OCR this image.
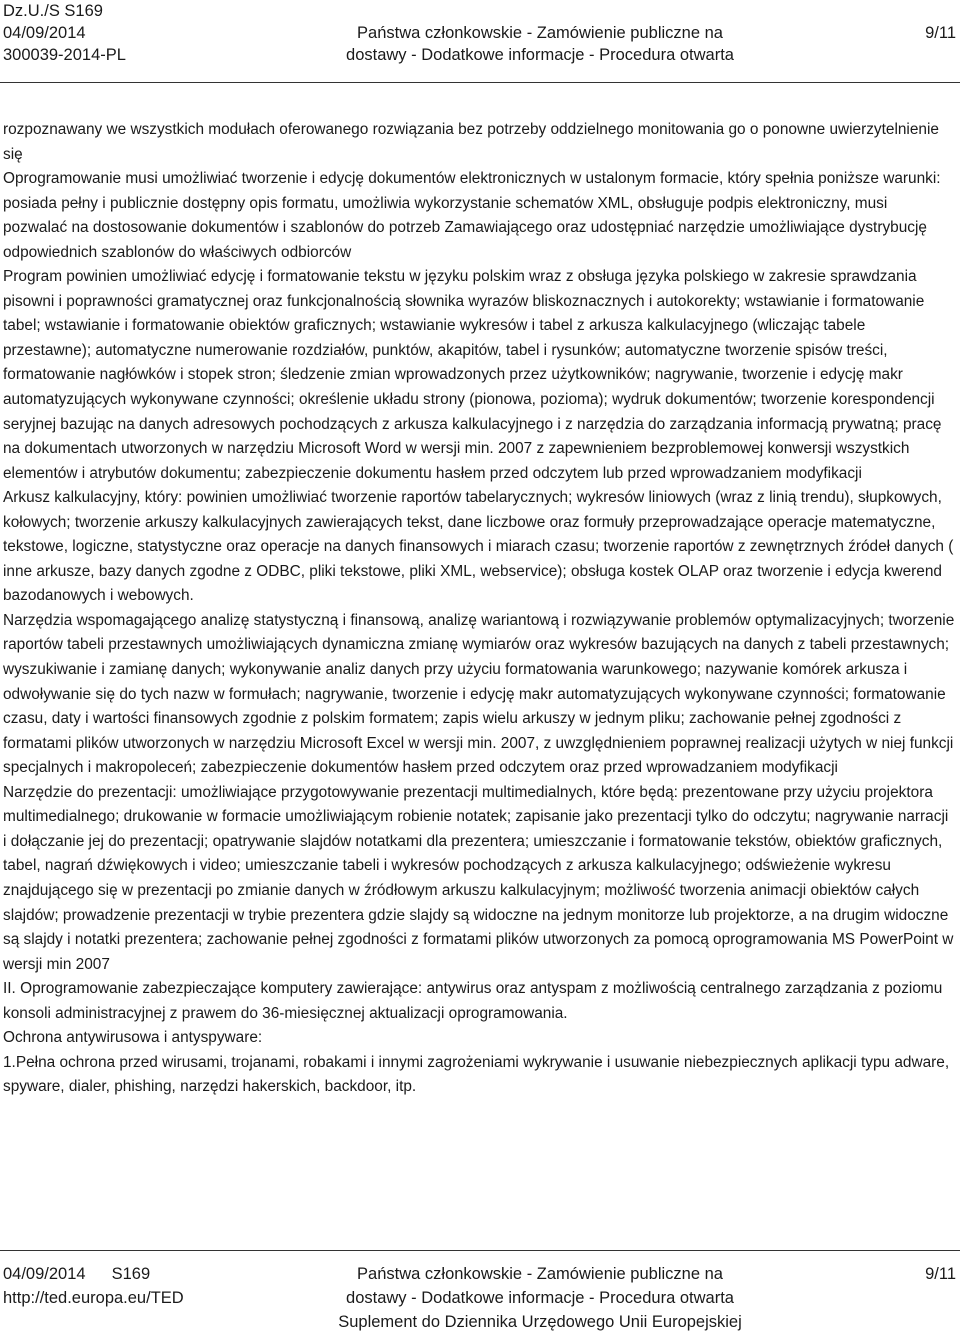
Dz.U./S S169
04/09/2014
300039-2014-PL
Państwa członkowskie - Zamówienie publiczne na
dostawy - Dodatkowe informacje - Procedura otwarta
9/11

rozpoznawany we wszystkich modułach oferowanego rozwiązania bez potrzeby oddzielnego monitowania go o ponowne uwierzytelnienie się

Oprogramowanie musi umożliwiać tworzenie i edycję dokumentów elektronicznych w ustalonym formacie, który spełnia poniższe warunki: posiada pełny i publicznie dostępny opis formatu, umożliwia wykorzystanie schematów XML, obsługuje podpis elektroniczny, musi pozwalać na dostosowanie dokumentów i szablonów do potrzeb Zamawiającego oraz udostępniać narzędzie umożliwiające dystrybucję odpowiednich szablonów do właściwych odbiorców

Program powinien umożliwiać edycję i formatowanie tekstu w języku polskim wraz z obsługa języka polskiego w zakresie sprawdzania pisowni i poprawności gramatycznej oraz funkcjonalnością słownika wyrazów bliskoznacznych i autokorekty; wstawianie i formatowanie tabel; wstawianie i formatowanie obiektów graficznych; wstawianie wykresów i tabel z arkusza kalkulacyjnego (wliczając tabele przestawne); automatyczne numerowanie rozdziałów, punktów, akapitów, tabel i rysunków; automatyczne tworzenie spisów treści, formatowanie nagłówków i stopek stron; śledzenie zmian wprowadzonych przez użytkowników; nagrywanie, tworzenie i edycję makr automatyzujących wykonywane czynności; określenie układu strony (pionowa, pozioma); wydruk dokumentów; tworzenie korespondencji seryjnej bazując na danych adresowych pochodzących z arkusza kalkulacyjnego i z narzędzia do zarządzania informacją prywatną; pracę na dokumentach utworzonych w narzędziu Microsoft Word w wersji min. 2007 z zapewnieniem bezproblemowej konwersji wszystkich elementów i atrybutów dokumentu; zabezpieczenie dokumentu hasłem przed odczytem lub przed wprowadzaniem modyfikacji

Arkusz kalkulacyjny, który: powinien umożliwiać tworzenie raportów tabelarycznych; wykresów liniowych (wraz z linią trendu), słupkowych, kołowych; tworzenie arkuszy kalkulacyjnych zawierających tekst, dane liczbowe oraz formuły przeprowadzające operacje matematyczne, tekstowe, logiczne, statystyczne oraz operacje na danych finansowych i miarach czasu; tworzenie raportów z zewnętrznych źródeł danych ( inne arkusze, bazy danych zgodne z ODBC, pliki tekstowe, pliki XML, webservice); obsługa kostek OLAP oraz tworzenie i edycja kwerend bazodanowych i webowych.

Narzędzia wspomagającego analizę statystyczną i finansową, analizę wariantową i rozwiązywanie problemów optymalizacyjnych; tworzenie raportów tabeli przestawnych umożliwiających dynamiczna zmianę wymiarów oraz wykresów bazujących na danych z tabeli przestawnych; wyszukiwanie i zamianę danych; wykonywanie analiz danych przy użyciu formatowania warunkowego; nazywanie komórek arkusza i odwoływanie się do tych nazw w formułach; nagrywanie, tworzenie i edycję makr automatyzujących wykonywane czynności; formatowanie czasu, daty i wartości finansowych zgodnie z polskim formatem; zapis wielu arkuszy w jednym pliku; zachowanie pełnej zgodności z formatami plików utworzonych w narzędziu Microsoft Excel w wersji min. 2007, z uwzględnieniem poprawnej realizacji użytych w niej funkcji specjalnych i makropoleceń; zabezpieczenie dokumentów hasłem przed odczytem oraz przed wprowadzaniem modyfikacji

Narzędzie do prezentacji: umożliwiające przygotowywanie prezentacji multimedialnych, które będą: prezentowane przy użyciu projektora multimedialnego; drukowanie w formacie umożliwiającym robienie notatek; zapisanie jako prezentacji tylko do odczytu; nagrywanie narracji i dołączanie jej do prezentacji; opatrywanie slajdów notatkami dla prezentera; umieszczanie i formatowanie tekstów, obiektów graficznych, tabel, nagrań dźwiękowych i video; umieszczanie tabeli i wykresów pochodzących z arkusza kalkulacyjnego; odświeżenie wykresu znajdującego się w prezentacji po zmianie danych w źródłowym arkuszu kalkulacyjnym; możliwość tworzenia animacji obiektów całych slajdów; prowadzenie prezentacji w trybie prezentera gdzie slajdy są widoczne na jednym monitorze lub projektorze, a na drugim widoczne są slajdy i notatki prezentera; zachowanie pełnej zgodności z formatami plików utworzonych za pomocą oprogramowania MS PowerPoint w wersji min 2007

II. Oprogramowanie zabezpieczające komputery zawierające: antywirus oraz antyspam z możliwością centralnego zarządzania z poziomu konsoli administracyjnej z prawem do 36-miesięcznej aktualizacji oprogramowania.

Ochrona antywirusowa i antyspyware:

1.Pełna ochrona przed wirusami, trojanami, robakami i innymi zagrożeniami wykrywanie i usuwanie niebezpiecznych aplikacji typu adware, spyware, dialer, phishing, narzędzi hakerskich, backdoor, itp.

04/09/2014 S169
http://ted.europa.eu/TED
Państwa członkowskie - Zamówienie publiczne na
dostawy - Dodatkowe informacje - Procedura otwarta
Suplement do Dziennika Urzędowego Unii Europejskiej
9/11
